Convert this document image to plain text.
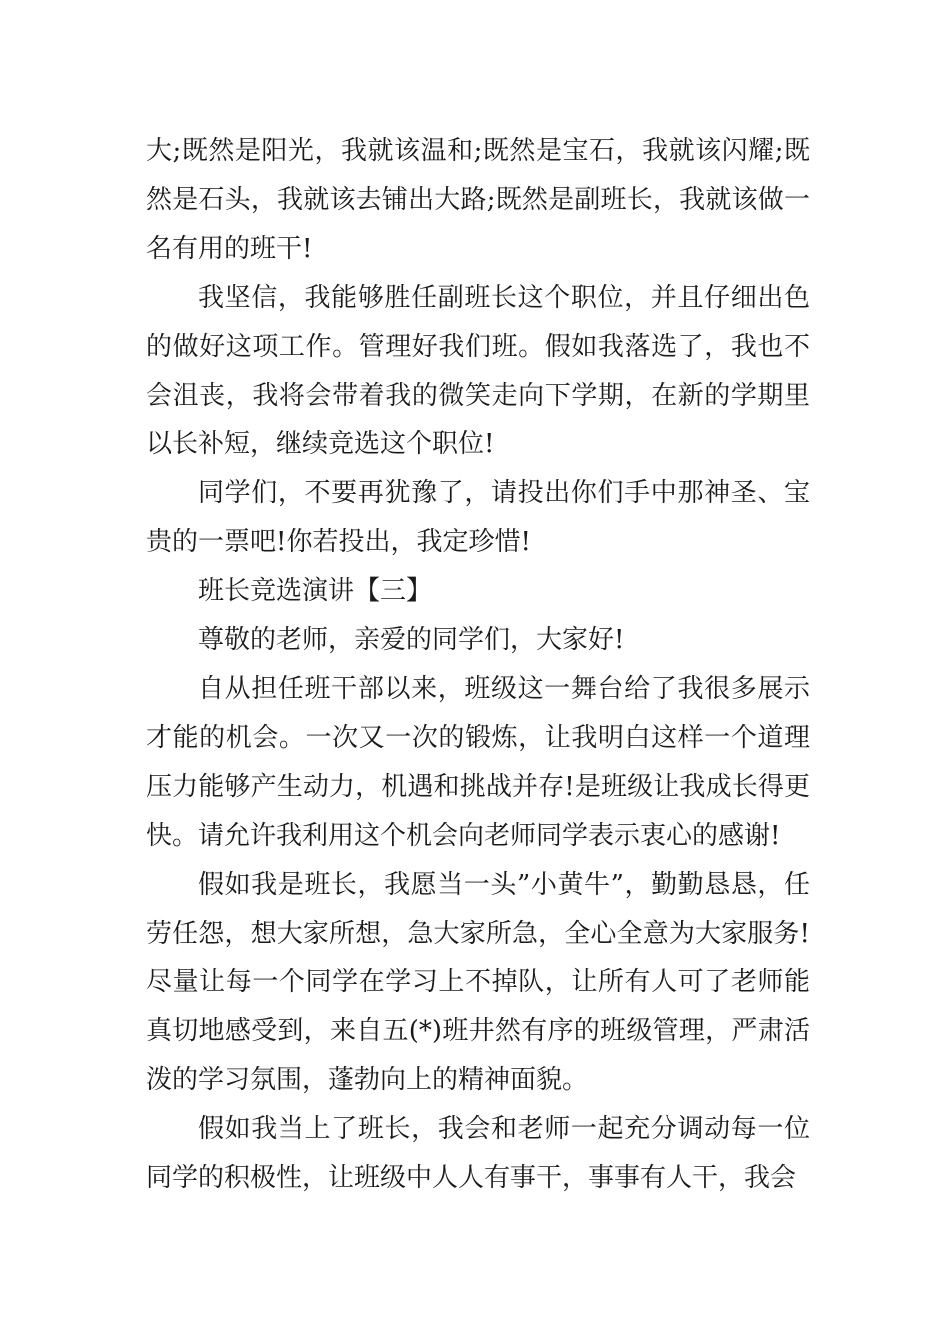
大;既然是阳光，我就该温和;既然是宝石，我就该闪耀;既然是石头，我就该去铺出大路;既然是副班长，我就该做一名有用的班干!

我坚信，我能够胜任副班长这个职位，并且仔细出色的做好这项工作。管理好我们班。假如我落选了，我也不会沮丧，我将会带着我的微笑走向下学期，在新的学期里以长补短，继续竞选这个职位!

同学们，不要再犹豫了，请投出你们手中那神圣、宝贵的一票吧!你若投出，我定珍惜!

班长竞选演讲【三】

尊敬的老师，亲爱的同学们，大家好!

自从担任班干部以来，班级这一舞台给了我很多展示才能的机会。一次又一次的锻炼，让我明白这样一个道理压力能够产生动力，机遇和挑战并存!是班级让我成长得更快。请允许我利用这个机会向老师同学表示衷心的感谢!

假如我是班长，我愿当一头”小黄牛”，勤勤恳恳，任劳任怨，想大家所想，急大家所急，全心全意为大家服务!尽量让每一个同学在学习上不掉队，让所有人可了老师能真切地感受到，来自五(*)班井然有序的班级管理，严肃活泼的学习氛围，蓬勃向上的精神面貌。

假如我当上了班长，我会和老师一起充分调动每一位同学的积极性，让班级中人人有事干，事事有人干，我会
